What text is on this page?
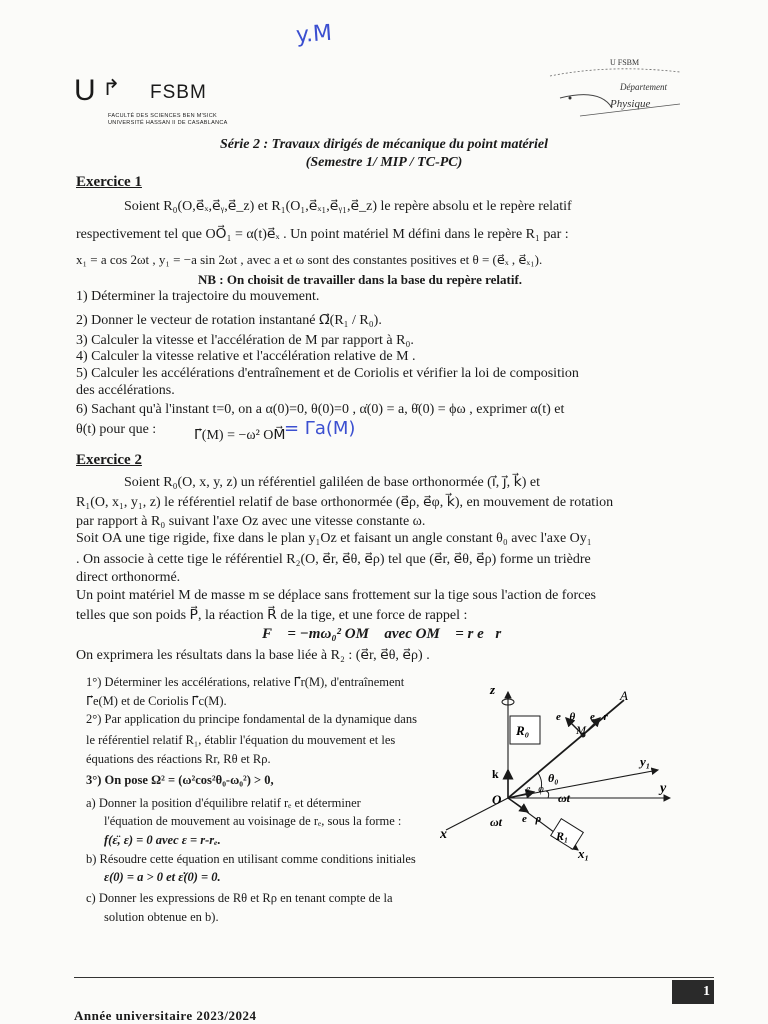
y.M
U ↱ FSBM
FACULTÉ DES SCIENCES BEN M'SICK
UNIVERSITÉ HASSAN II DE CASABLANCA
U FSBM
Département
Physique
Série 2 : Travaux dirigés de mécanique du point matériel
(Semestre 1/ MIP / TC-PC)
Exercice 1
Soient R₀(O,e⃗ₓ,e⃗ᵧ,e⃗_z) et R₁(O₁,e⃗ₓ₁,e⃗ᵧ₁,e⃗_z) le repère absolu et le repère relatif
respectivement tel que OO⃗₁ = α(t)e⃗ₓ . Un point matériel M défini dans le repère R₁ par :
x₁ = a cos 2ωt , y₁ = −a sin 2ωt , avec a et ω sont des constantes positives et θ = (e⃗ₓ , e⃗ₓ₁).
NB : On choisit de travailler dans la base du repère relatif.
1) Déterminer la trajectoire du mouvement.
2) Donner le vecteur de rotation instantané Ω⃗(R₁ / R₀).
3) Calculer la vitesse et l'accélération de M par rapport à R₀.
4) Calculer la vitesse relative et l'accélération relative de M .
5) Calculer les accélérations d'entraînement et de Coriolis et vérifier la loi de composition
des accélérations.
6) Sachant qu'à l'instant t=0, on a α(0)=0, θ(0)=0 , α̇(0) = a, θ̇(0) = ϕω , exprimer α(t) et
θ(t) pour que :	Γ⃗(M) = −ω² OM⃗
= Γa(M)
Exercice 2
Soient R₀(O, x, y, z) un référentiel galiléen de base orthonormée (ı⃗, ȷ⃗, k⃗) et
R₁(O, x₁, y₁, z) le référentiel relatif de base orthonormée (e⃗ρ, e⃗φ, k⃗), en mouvement de rotation
par rapport à R₀ suivant l'axe Oz avec une vitesse constante ω.
Soit OA une tige rigide, fixe dans le plan y₁Oz et faisant un angle constant θ₀ avec l'axe Oy₁
. On associe à cette tige le référentiel R₂(O, e⃗r, e⃗θ, e⃗ρ) tel que (e⃗r, e⃗θ, e⃗ρ) forme un trièdre
direct orthonormé.
Un point matériel M de masse m se déplace sans frottement sur la tige sous l'action de forces
telles que son poids P⃗, la réaction R⃗ de la tige, et une force de rappel :
F⃗ = −mω₀² OM⃗ avec OM⃗ = r e⃗r
On exprimera les résultats dans la base liée à R₂ : (e⃗r, e⃗θ, e⃗ρ) .
1°) Déterminer les accélérations, relative Γ⃗r(M), d'entraînement
Γ⃗e(M) et de Coriolis Γ⃗c(M).
2°) Par application du principe fondamental de la dynamique dans
le référentiel relatif R₁, établir l'équation du mouvement et les
équations des réactions Rr, Rθ et Rρ.
3°) On pose Ω² = (ω²cos²θ₀-ω₀²) > 0,
a) Donner la position d'équilibre relatif rₑ et déterminer
l'équation de mouvement au voisinage de rₑ, sous la forme :
f(ε̈, ε) = 0 avec ε = r-rₑ.
b) Résoudre cette équation en utilisant comme conditions initiales
ε(0) = a > 0 et ε̇(0) = 0.
c) Donner les expressions de Rθ et Rρ en tenant compte de la
solution obtenue en b).
z
y
x
y₁
x₁
A
M
O
R₀
R₁
k⃗
e⃗θ e⃗r
e⃗ρ
e⃗φ
θ₀
ωt
ωt
1
Année universitaire 2023/2024
